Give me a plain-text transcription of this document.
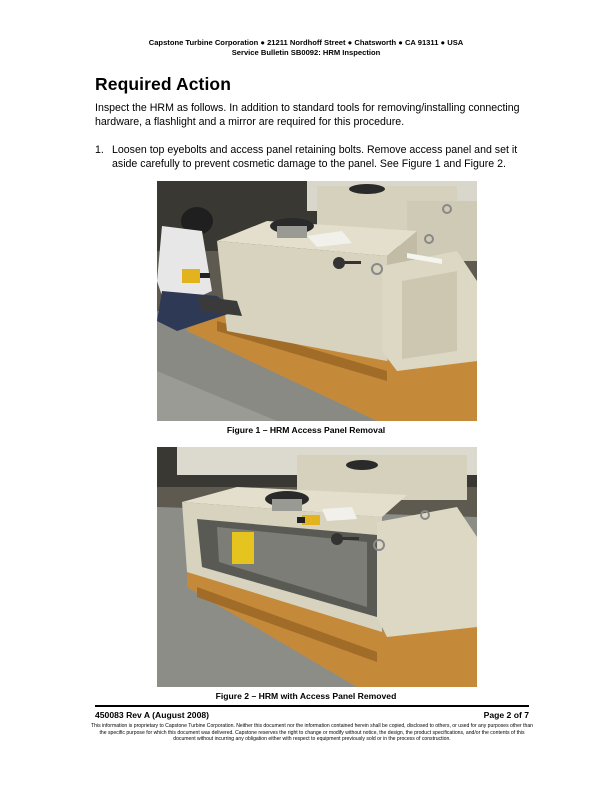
Capstone Turbine Corporation ● 21211 Nordhoff Street ● Chatsworth ● CA 91311 ● USA
Service Bulletin SB0092: HRM Inspection
Required Action
Inspect the HRM as follows. In addition to standard tools for removing/installing connecting hardware, a flashlight and a mirror are required for this procedure.
1. Loosen top eyebolts and access panel retaining bolts. Remove access panel and set it aside carefully to prevent cosmetic damage to the panel. See Figure 1 and Figure 2.
Figure 1 – HRM Access Panel Removal
Figure 2 – HRM with Access Panel Removed
450083 Rev A (August 2008)	Page 2 of 7
This information is proprietary to Capstone Turbine Corporation. Neither this document nor the information contained herein shall be copied, disclosed to others, or used for any purposes other than the specific purpose for which this document was delivered. Capstone reserves the right to change or modify without notice, the design, the product specifications, and/or the contents of this document without incurring any obligation either with respect to equipment previously sold or in the process of construction.
